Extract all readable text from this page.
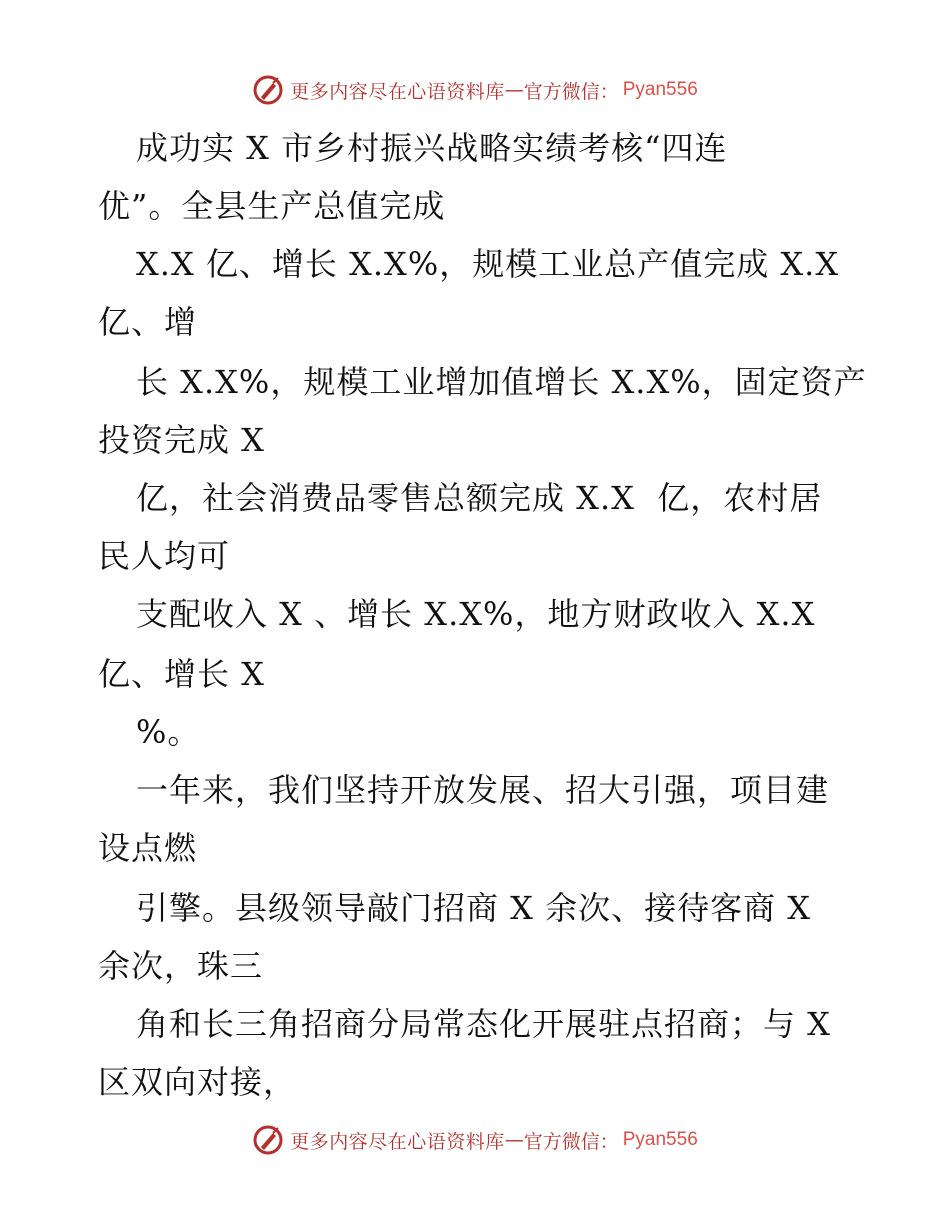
更多内容尽在心语资料库 — 官方微信： Pyan556
成功实 X 市乡村振兴战略实绩考核“四连
优”。全县生产总值完成
X.X 亿、增长 X.X%，规模工业总产值完成 X.X
亿、增
长 X.X%，规模工业增加值增长 X.X%，固定资产
投资完成 X
亿，社会消费品零售总额完成 X.X  亿，农村居
民人均可
支配收入 X 、增长 X.X%，地方财政收入 X.X
亿、增长 X
%。
一年来，我们坚持开放发展、招大引强，项目建
设点燃
引擎。县级领导敲门招商 X 余次、接待客商 X
余次，珠三
角和长三角招商分局常态化开展驻点招商；与 X
区双向对接，
更多内容尽在心语资料库 — 官方微信： Pyan556
